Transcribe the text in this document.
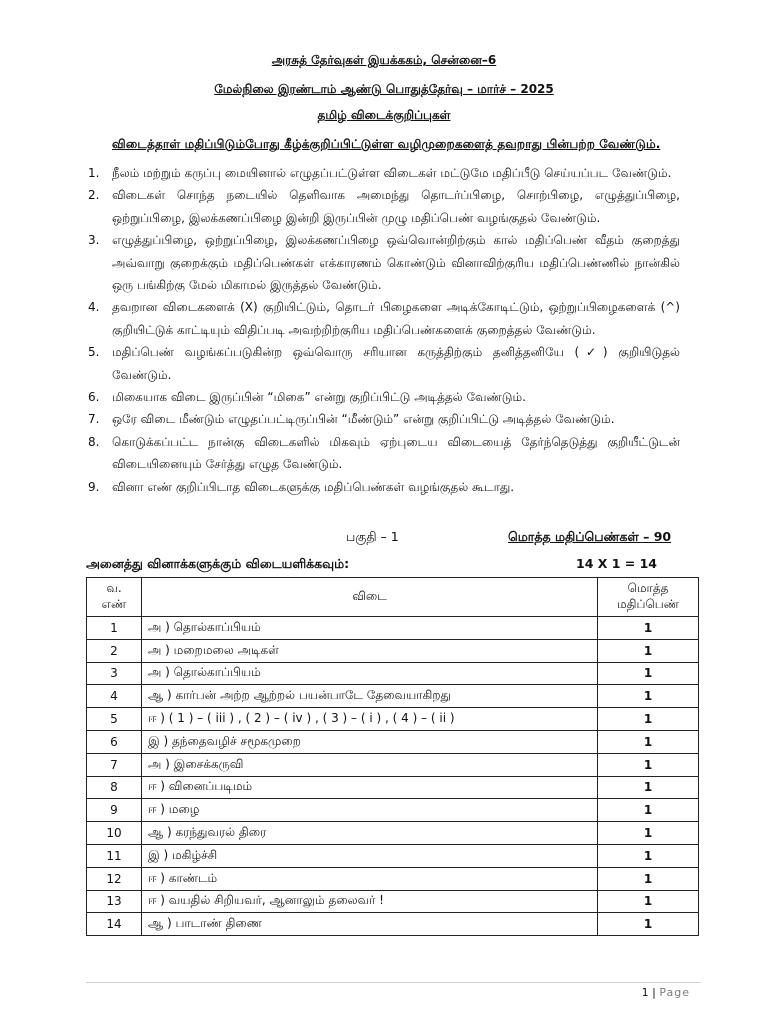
அரசுத் தேர்வுகள் இயக்ககம், சென்னை–6
மேல்நிலை இரண்டாம் ஆண்டு பொதுத்தேர்வு – மார்ச் – 2025
தமிழ் விடைக்குறிப்புகள்
விடைத்தாள் மதிப்பிடும்போது கீழ்க்குறிப்பிட்டுள்ள வழிமுறைகளைத் தவறாது பின்பற்ற வேண்டும்.
1.	நீலம் மற்றும் கருப்பு மையினால் எழுதப்பட்டுள்ள விடைகள் மட்டுமே மதிப்பீடு செய்யப்பட வேண்டும்.
2.	விடைகள் சொந்த நடையில் தெளிவாக அமைந்து தொடர்ப்பிழை, சொற்பிழை, எழுத்துப்பிழை, ஒற்றுப்பிழை, இலக்கணப்பிழை இன்றி இருப்பின் முழு மதிப்பெண் வழங்குதல் வேண்டும்.
3.	எழுத்துப்பிழை, ஒற்றுப்பிழை, இலக்கணப்பிழை ஒவ்வொன்றிற்கும் கால் மதிப்பெண் வீதம் குறைத்து அவ்வாறு குறைக்கும் மதிப்பெண்கள் எக்காரணம் கொண்டும் வினாவிற்குரிய மதிப்பெண்ணில் நான்கில் ஒரு பங்கிற்கு மேல் மிகாமல் இருத்தல் வேண்டும்.
4.	தவறான விடைகளைக் (X) குறியிட்டும், தொடர் பிழைகளை அடிக்கோடிட்டும், ஒற்றுப்பிழைகளைக் (^) குறியிட்டுக் காட்டியும் விதிப்படி அவற்றிற்குரிய மதிப்பெண்களைக் குறைத்தல் வேண்டும்.
5.	மதிப்பெண் வழங்கப்படுகின்ற ஒவ்வொரு சரியான கருத்திற்கும் தனித்தனியே (✓) குறியிடுதல் வேண்டும்.
6.	மிகையாக விடை இருப்பின் “மிகை” என்று குறிப்பிட்டு அடித்தல் வேண்டும்.
7.	ஒரே விடை மீண்டும் எழுதப்பட்டிருப்பின் “மீண்டும்” என்று குறிப்பிட்டு அடித்தல் வேண்டும்.
8.	கொடுக்கப்பட்ட நான்கு விடைகளில் மிகவும் ஏற்புடைய விடையைத் தேர்ந்தெடுத்து குறியீட்டுடன் விடையினையும் சேர்த்து எழுத வேண்டும்.
9.	வினா எண் குறிப்பிடாத விடைகளுக்கு மதிப்பெண்கள் வழங்குதல் கூடாது.
பகுதி – 1	மொத்த மதிப்பெண்கள் – 90
அனைத்து வினாக்களுக்கும் விடையளிக்கவும்:	14 X 1 = 14
வ. எண்	விடை	மொத்த மதிப்பெண்
1	அ ) தொல்காப்பியம்	1
2	அ ) மறைமலை அடிகள்	1
3	அ ) தொல்காப்பியம்	1
4	ஆ ) கார்பன் அற்ற ஆற்றல் பயன்பாடே தேவையாகிறது	1
5	ஈ ) ( 1 ) – ( iii ) , ( 2 ) – ( iv ) , ( 3 ) – ( i ) , ( 4 ) – ( ii )	1
6	இ ) தந்தைவழிச் சமூகமுறை	1
7	அ ) இசைக்கருவி	1
8	ஈ ) வினைப்படிமம்	1
9	ஈ ) மழை	1
10	ஆ ) கரந்துவரல் திரை	1
11	இ ) மகிழ்ச்சி	1
12	ஈ ) காண்டம்	1
13	ஈ ) வயதில் சிறியவர், ஆனாலும் தலைவர் !	1
14	ஆ ) பாடாண் திணை	1
1 | Page
